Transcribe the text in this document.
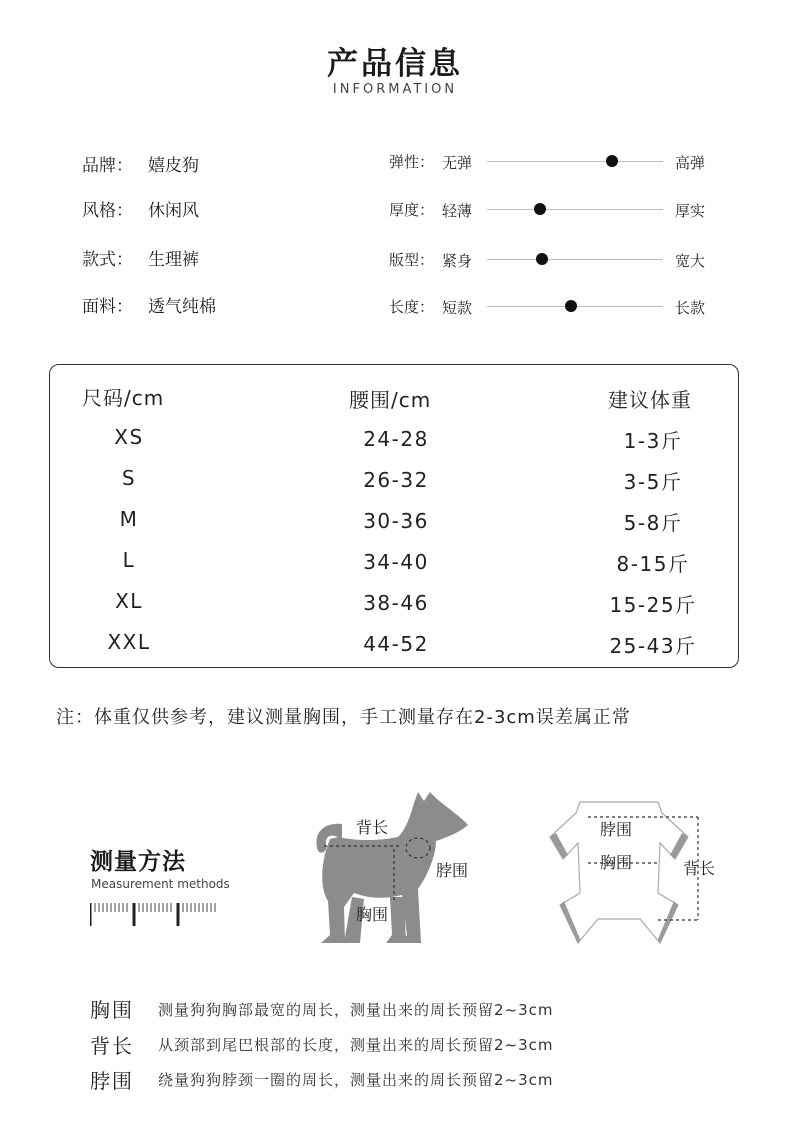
产品信息
INFORMATION
品牌： 嬉皮狗
风格： 休闲风
款式： 生理裤
面料： 透气纯棉
弹性： 无弹	高弹
厚度： 轻薄	厚实
版型： 紧身	宽大
长度： 短款	长款
尺码/cm	腰围/cm	建议体重
XS	24-28	1-3斤
S	26-32	3-5斤
M	30-36	5-8斤
L	34-40	8-15斤
XL	38-46	15-25斤
XXL	44-52	25-43斤
注：体重仅供参考，建议测量胸围，手工测量存在2-3cm误差属正常
测量方法
Measurement methods
背长
脖围
胸围
脖围
胸围	背长
胸围 测量狗狗胸部最宽的周长，测量出来的周长预留2~3cm
背长 从颈部到尾巴根部的长度，测量出来的周长预留2~3cm
脖围 绕量狗狗脖颈一圈的周长，测量出来的周长预留2~3cm
